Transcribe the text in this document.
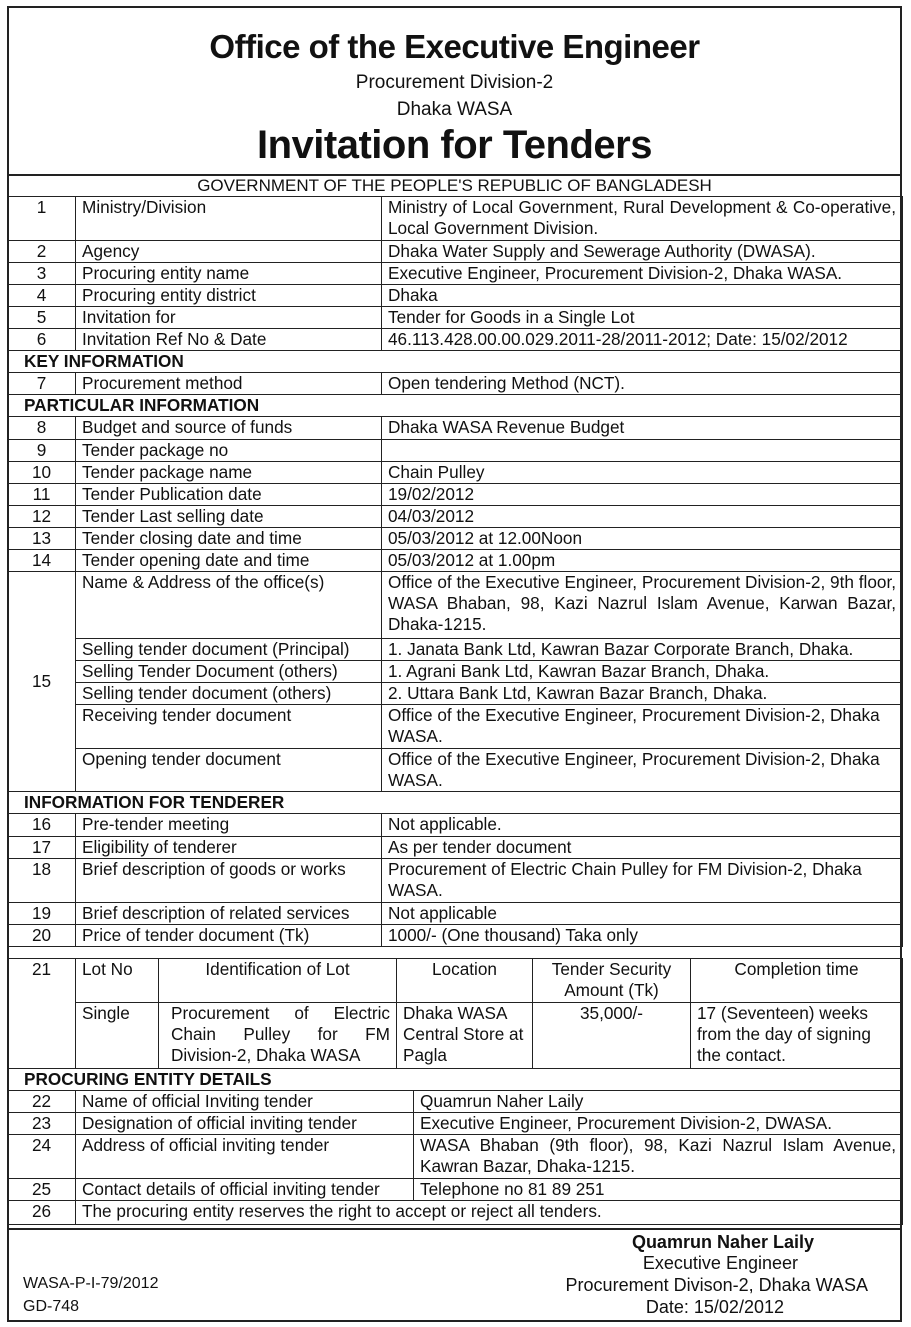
Office of the Executive Engineer
Procurement Division-2
Dhaka WASA
Invitation for Tenders
GOVERNMENT OF THE PEOPLE'S REPUBLIC OF BANGLADESH
1	Ministry/Division	Ministry of Local Government, Rural Development & Co-operative, Local Government Division.
2	Agency	Dhaka Water Supply and Sewerage Authority (DWASA).
3	Procuring entity name	Executive Engineer, Procurement Division-2, Dhaka WASA.
4	Procuring entity district	Dhaka
5	Invitation for	Tender for Goods in a Single Lot
6	Invitation Ref No & Date	46.113.428.00.00.029.2011-28/2011-2012; Date: 15/02/2012
KEY INFORMATION		
7	Procurement method	Open tendering Method (NCT).
PARTICULAR INFORMATION		
8	Budget and source of funds	Dhaka WASA Revenue Budget
9	Tender package no	
10	Tender package name	Chain Pulley
11	Tender Publication date	19/02/2012
12	Tender Last selling date	04/03/2012
13	Tender closing date and time	05/03/2012 at 12.00Noon
14	Tender opening date and time	05/03/2012 at 1.00pm
15	Name & Address of the office(s)	Office of the Executive Engineer, Procurement Division-2, 9th floor, WASA Bhaban, 98, Kazi Nazrul Islam Avenue, Karwan Bazar, Dhaka-1215.
	Selling tender document (Principal)	1. Janata Bank Ltd, Kawran Bazar Corporate Branch, Dhaka.
	Selling Tender Document (others)	1. Agrani Bank Ltd, Kawran Bazar Branch, Dhaka.
	Selling tender document (others)	2. Uttara Bank Ltd, Kawran Bazar Branch, Dhaka.
	Receiving tender document	Office of the Executive Engineer, Procurement Division-2, Dhaka WASA.
	Opening tender document	Office of the Executive Engineer, Procurement Division-2, Dhaka WASA.
INFORMATION FOR TENDERER		
16	Pre-tender meeting	Not applicable.
17	Eligibility of tenderer	As per tender document
18	Brief description of goods or works	Procurement of Electric Chain Pulley for FM Division-2, Dhaka WASA.
19	Brief description of related services	Not applicable
20	Price of tender document (Tk)	1000/- (One thousand) Taka only
21	Lot No	Identification of Lot	Location	Tender Security Amount (Tk)	Completion time
	Single	Procurement of Electric Chain Pulley for FM Division-2, Dhaka WASA	Dhaka WASA Central Store at Pagla	35,000/-	17 (Seventeen) weeks from the day of signing the contact.
PROCURING ENTITY DETAILS		
22	Name of official Inviting tender	Quamrun Naher Laily
23	Designation of official inviting tender	Executive Engineer, Procurement Division-2, DWASA.
24	Address of official inviting tender	WASA Bhaban (9th floor), 98, Kazi Nazrul Islam Avenue, Kawran Bazar, Dhaka-1215.
25	Contact details of official inviting tender	Telephone no 81 89 251
26	The procuring entity reserves the right to accept or reject all tenders.	
Quamrun Naher Laily
Executive Engineer
Procurement Divison-2, Dhaka WASA
Date: 15/02/2012
WASA-P-I-79/2012
GD-748
